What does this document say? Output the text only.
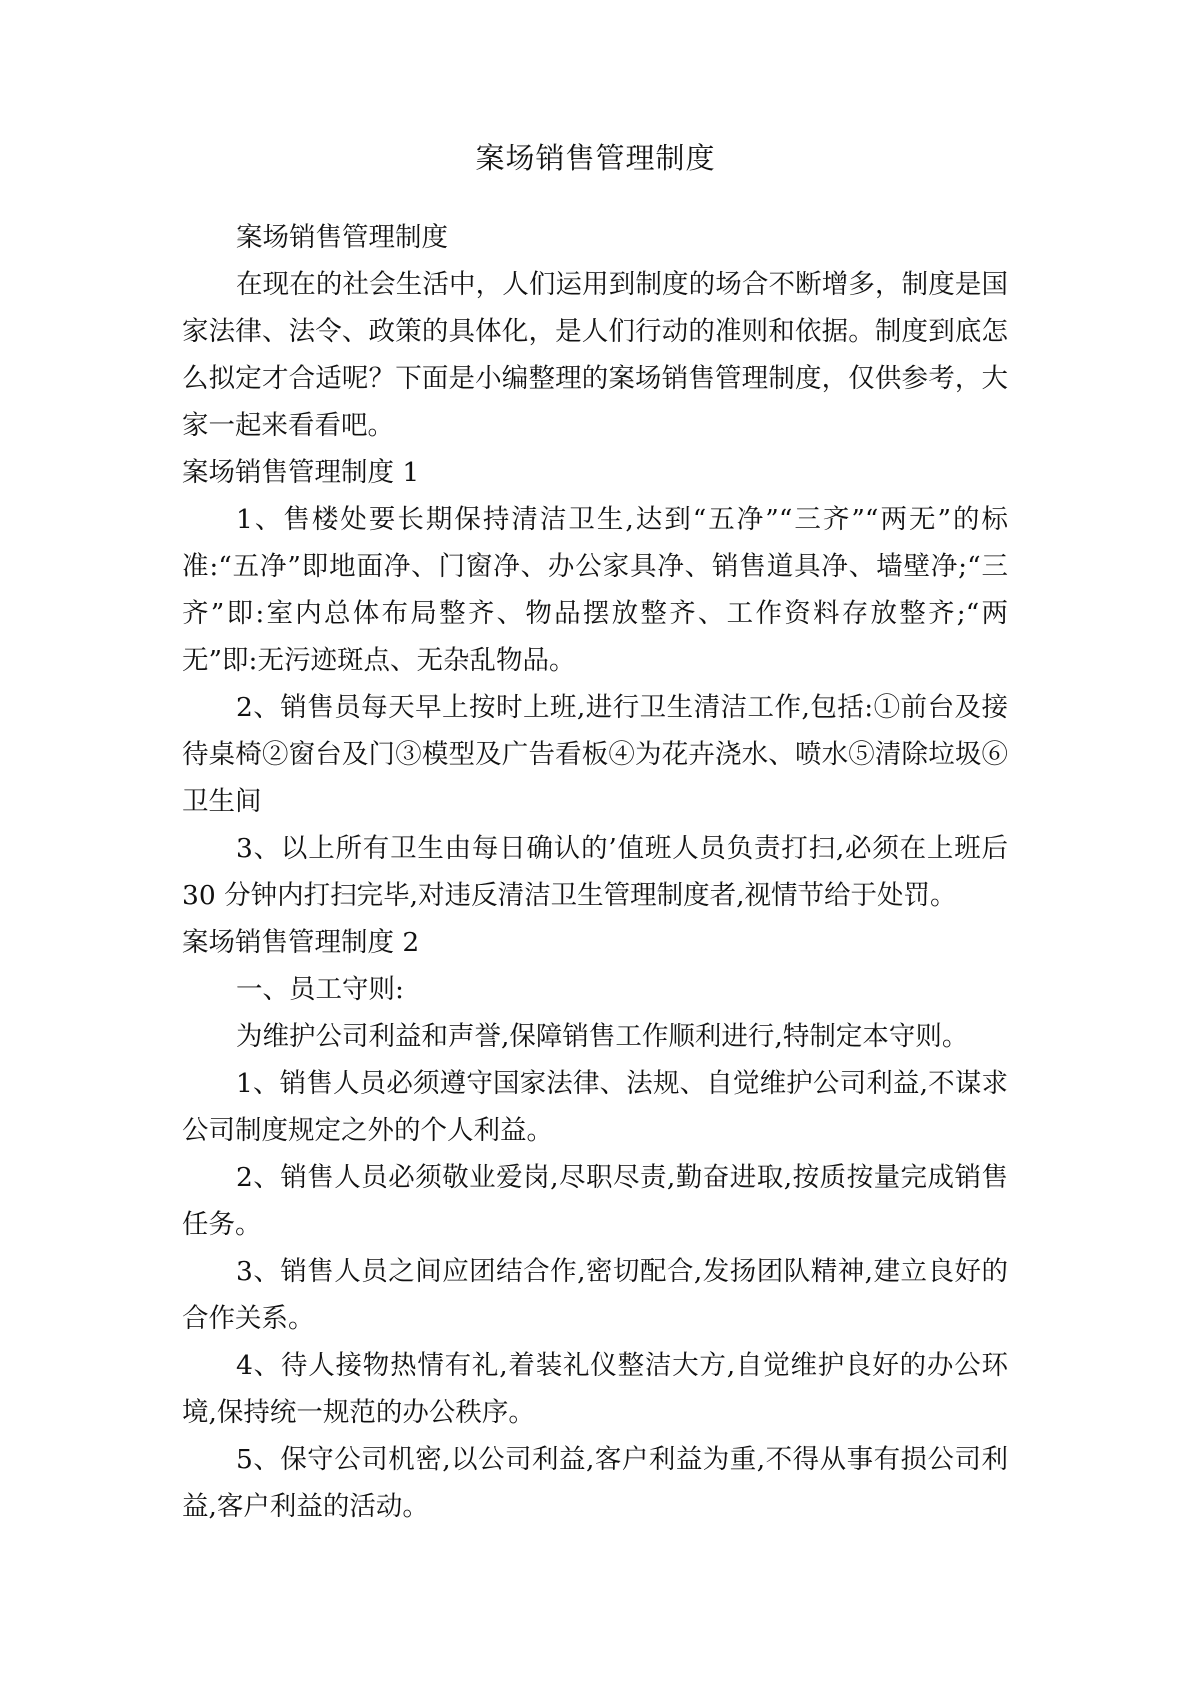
案场销售管理制度

案场销售管理制度

在现在的社会生活中，人们运用到制度的场合不断增多，制度是国家法律、法令、政策的具体化，是人们行动的准则和依据。制度到底怎么拟定才合适呢？下面是小编整理的案场销售管理制度，仅供参考，大家一起来看看吧。

案场销售管理制度 1

1、售楼处要长期保持清洁卫生,达到“五净”“三齐”“两无”的标准:“五净”即地面净、门窗净、办公家具净、销售道具净、墙壁净;“三齐”即:室内总体布局整齐、物品摆放整齐、工作资料存放整齐;“两无”即:无污迹斑点、无杂乱物品。

2、销售员每天早上按时上班,进行卫生清洁工作,包括:①前台及接待桌椅②窗台及门③模型及广告看板④为花卉浇水、喷水⑤清除垃圾⑥卫生间

3、以上所有卫生由每日确认的’值班人员负责打扫,必须在上班后 30 分钟内打扫完毕,对违反清洁卫生管理制度者,视情节给于处罚。

案场销售管理制度 2

一、员工守则:

为维护公司利益和声誉,保障销售工作顺利进行,特制定本守则。

1、销售人员必须遵守国家法律、法规、自觉维护公司利益,不谋求公司制度规定之外的个人利益。

2、销售人员必须敬业爱岗,尽职尽责,勤奋进取,按质按量完成销售任务。

3、销售人员之间应团结合作,密切配合,发扬团队精神,建立良好的合作关系。

4、待人接物热情有礼,着装礼仪整洁大方,自觉维护良好的办公环境,保持统一规范的办公秩序。

5、保守公司机密,以公司利益,客户利益为重,不得从事有损公司利益,客户利益的活动。
